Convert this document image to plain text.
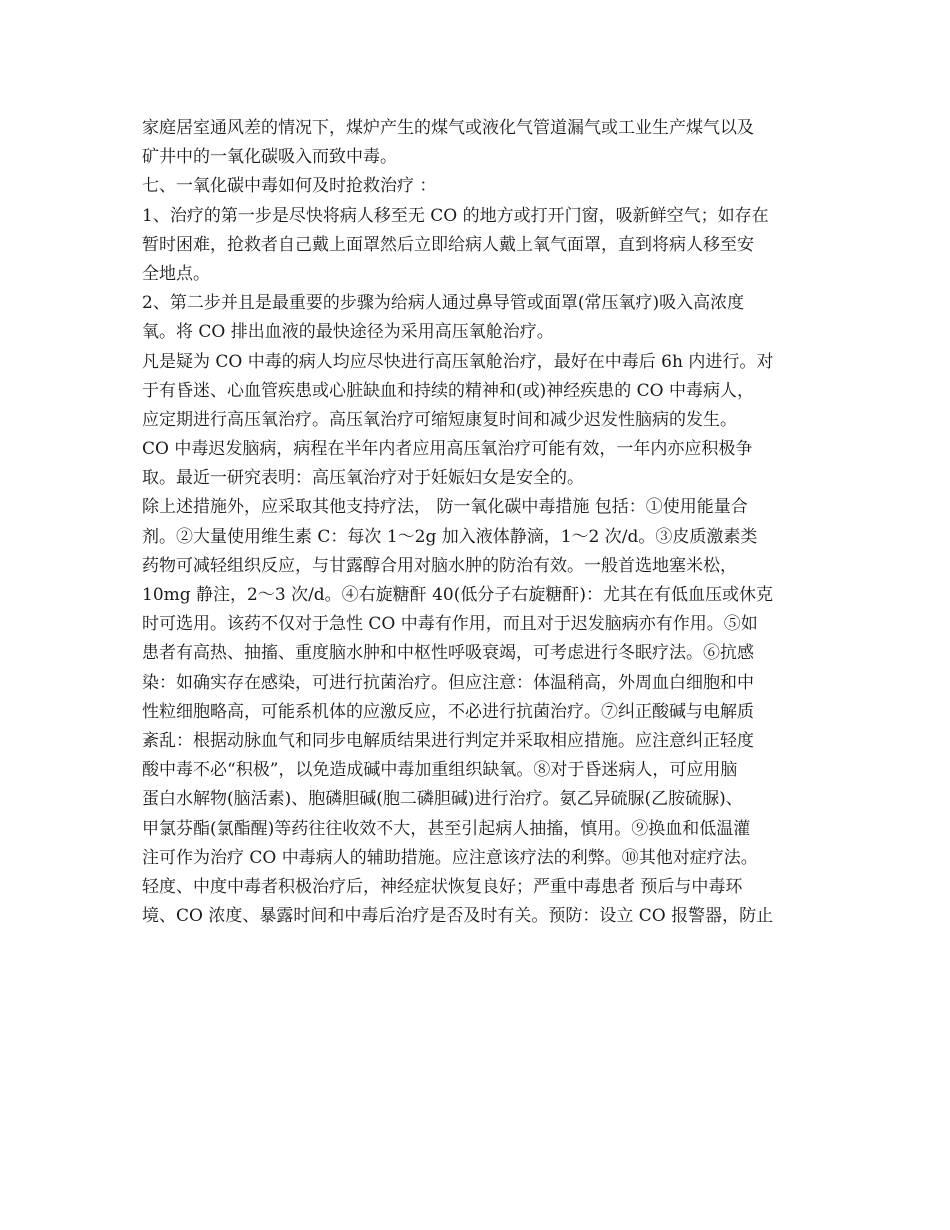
家庭居室通风差的情况下，煤炉产生的煤气或液化气管道漏气或工业生产煤气以及
矿井中的一氧化碳吸入而致中毒。
七、一氧化碳中毒如何及时抢救治疗 ：
1、治疗的第一步是尽快将病人移至无 CO 的地方或打开门窗，吸新鲜空气；如存在
暂时困难，抢救者自己戴上面罩然后立即给病人戴上氧气面罩，直到将病人移至安
全地点。
2、第二步并且是最重要的步骤为给病人通过鼻导管或面罩(常压氧疗)吸入高浓度
氧。将 CO 排出血液的最快途径为采用高压氧舱治疗。
凡是疑为 CO 中毒的病人均应尽快进行高压氧舱治疗，最好在中毒后 6h 内进行。对
于有昏迷、心血管疾患或心脏缺血和持续的精神和(或)神经疾患的 CO 中毒病人，
应定期进行高压氧治疗。高压氧治疗可缩短康复时间和减少迟发性脑病的发生。
CO 中毒迟发脑病，病程在半年内者应用高压氧治疗可能有效，一年内亦应积极争
取。最近一研究表明：高压氧治疗对于妊娠妇女是安全的。
除上述措施外，应采取其他支持疗法， 防一氧化碳中毒措施 包括：①使用能量合
剂。②大量使用维生素 C：每次 1～2g 加入液体静滴，1～2 次/d。③皮质激素类
药物可减轻组织反应，与甘露醇合用对脑水肿的防治有效。一般首选地塞米松，
10mg 静注，2～3 次/d。④右旋糖酐 40(低分子右旋糖酐)：尤其在有低血压或休克
时可选用。该药不仅对于急性 CO 中毒有作用，而且对于迟发脑病亦有作用。⑤如
患者有高热、抽搐、重度脑水肿和中枢性呼吸衰竭，可考虑进行冬眠疗法。⑥抗感
染：如确实存在感染，可进行抗菌治疗。但应注意：体温稍高，外周血白细胞和中
性粒细胞略高，可能系机体的应激反应，不必进行抗菌治疗。⑦纠正酸碱与电解质
紊乱：根据动脉血气和同步电解质结果进行判定并采取相应措施。应注意纠正轻度
酸中毒不必“积极”，以免造成碱中毒加重组织缺氧。⑧对于昏迷病人，可应用脑
蛋白水解物(脑活素)、胞磷胆碱(胞二磷胆碱)进行治疗。氨乙异硫脲(乙胺硫脲)、
甲氯芬酯(氯酯醒)等药往往收效不大，甚至引起病人抽搐，慎用。⑨换血和低温灌
注可作为治疗 CO 中毒病人的辅助措施。应注意该疗法的利弊。⑩其他对症疗法。
轻度、中度中毒者积极治疗后，神经症状恢复良好；严重中毒患者 预后与中毒环
境、CO 浓度、暴露时间和中毒后治疗是否及时有关。预防：设立 CO 报警器，防止
